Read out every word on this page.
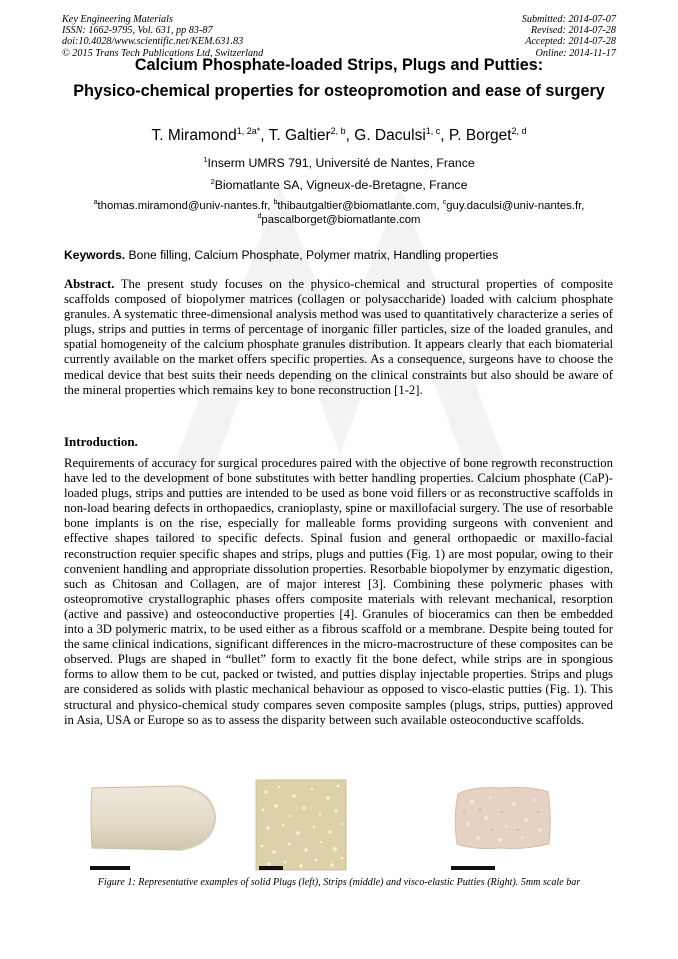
Key Engineering Materials
ISSN: 1662-9795, Vol. 631, pp 83-87
doi:10.4028/www.scientific.net/KEM.631.83
© 2015 Trans Tech Publications Ltd, Switzerland
Submitted: 2014-07-07
Revised: 2014-07-28
Accepted: 2014-07-28
Online: 2014-11-17
Calcium Phosphate-loaded Strips, Plugs and Putties:
Physico-chemical properties for osteopromotion and ease of surgery
T. Miramond$^{1, 2a*}$, T. Galtier$^{2, b}$, G. Daculsi$^{1, c}$, P. Borget$^{2, d}$
$^1$Inserm UMRS 791, Université de Nantes, France
$^2$Biomatlante SA, Vigneux-de-Bretagne, France
$^a$thomas.miramond@univ-nantes.fr, $^b$thibautgaltier@biomatlante.com, $^c$guy.daculsi@univ-nantes.fr, $^d$pascalborget@biomatlante.com
Keywords. Bone filling, Calcium Phosphate, Polymer matrix, Handling properties
Abstract. The present study focuses on the physico-chemical and structural properties of composite scaffolds composed of biopolymer matrices (collagen or polysaccharide) loaded with calcium phosphate granules. A systematic three-dimensional analysis method was used to quantitatively characterize a series of plugs, strips and putties in terms of percentage of inorganic filler particles, size of the loaded granules, and spatial homogeneity of the calcium phosphate granules distribution. It appears clearly that each biomaterial currently available on the market offers specific properties. As a consequence, surgeons have to choose the medical device that best suits their needs depending on the clinical constraints but also should be aware of the mineral properties which remains key to bone reconstruction [1-2].
Introduction.
Requirements of accuracy for surgical procedures paired with the objective of bone regrowth reconstruction have led to the development of bone substitutes with better handling properties. Calcium phosphate (CaP)-loaded plugs, strips and putties are intended to be used as bone void fillers or as reconstructive scaffolds in non-load bearing defects in orthopaedics, cranioplasty, spine or maxillofacial surgery. The use of resorbable bone implants is on the rise, especially for malleable forms providing surgeons with convenient and effective shapes tailored to specific defects. Spinal fusion and general orthopaedic or maxillo-facial reconstruction requier specific shapes and strips, plugs and putties (Fig. 1) are most popular, owing to their convenient handling and appropriate dissolution properties. Resorbable biopolymer by enzymatic digestion, such as Chitosan and Collagen, are of major interest [3]. Combining these polymeric phases with osteopromotive crystallographic phases offers composite materials with relevant mechanical, resorption (active and passive) and osteoconductive properties [4]. Granules of bioceramics can then be embedded into a 3D polymeric matrix, to be used either as a fibrous scaffold or a membrane. Despite being touted for the same clinical indications, significant differences in the micro-macrostructure of these composites can be observed. Plugs are shaped in “bullet” form to exactly fit the bone defect, while strips are in spongious forms to allow them to be cut, packed or twisted, and putties display injectable properties. Strips and plugs are considered as solids with plastic mechanical behaviour as opposed to visco-elastic putties (Fig. 1). This structural and physico-chemical study compares seven composite samples (plugs, strips, putties) approved in Asia, USA or Europe so as to assess the disparity between such available osteoconductive scaffolds.
Figure 1: Representative examples of solid Plugs (left), Strips (middle) and visco-elastic Putties (Right). 5mm scale bar
